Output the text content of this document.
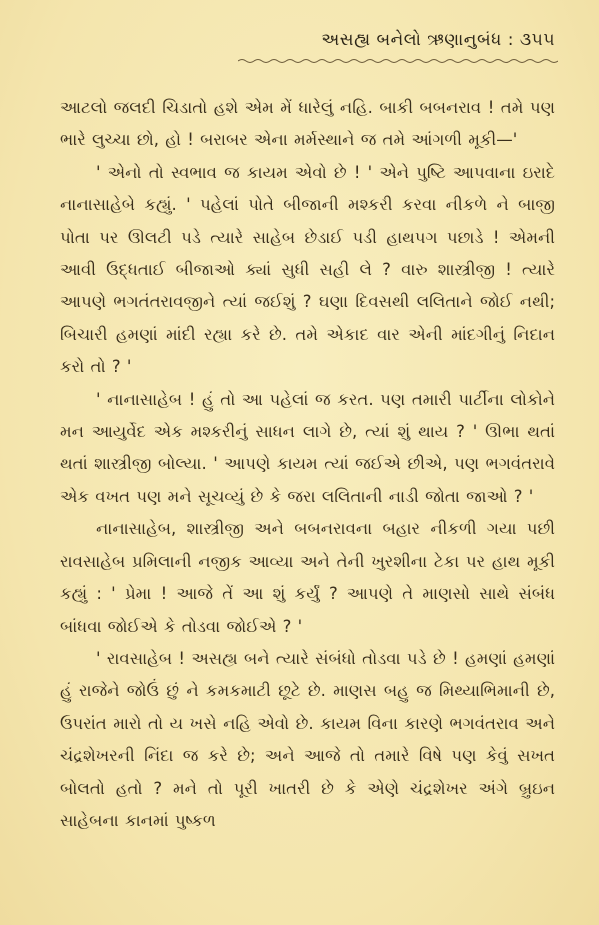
અસહ્ય બનેલો ઋણાનુબંધ : ૩૫૫

આટલો જલદી ચિડાતો હશે એમ મેં ધારેલું નહિ. બાકી બબનરાવ ! તમે પણ ભારે લુચ્ચા છો, હો ! બરાબર એના મર્મસ્થાને જ તમે આંગળી મૂકી—'

' એનો તો સ્વભાવ જ કાયમ એવો છે ! ' એને પુષ્ટિ આપવાના ઇરાદે નાનાસાહેબે કહ્યું. ' પહેલાં પોતે બીજાની મશ્કરી કરવા નીકળે ને બાજી પોતા પર ઊલટી પડે ત્યારે સાહેબ છેડાઈ પડી હાથપગ પછાડે ! એમની આવી ઉદ્ધતાઈ બીજાઓ ક્યાં સુધી સહી લે ? વારુ શાસ્ત્રીજી ! ત્યારે આપણે ભગતંતરાવજીને ત્યાં જઈશું ? ઘણા દિવસથી લલિતાને જોઈ નથી; બિચારી હમણાં માંદી રહ્યા કરે છે. તમે એકાદ વાર એની માંદગીનું નિદાન કરો તો ? '

' નાનાસાહેબ ! હું તો આ પહેલાં જ કરત. પણ તમારી પાર્ટીના લોકોને મન આયુર્વેદ એક મશ્કરીનું સાધન લાગે છે, ત્યાં શું થાય ? ' ઊભા થતાં થતાં શાસ્ત્રીજી બોલ્યા. ' આપણે કાયમ ત્યાં જઈએ છીએ, પણ ભગવંતરાવે એક વખત પણ મને સૂચવ્યું છે કે જરા લલિતાની નાડી જોતા જાઓ ? '

નાનાસાહેબ, શાસ્ત્રીજી અને બબનરાવના બહાર નીકળી ગયા પછી રાવસાહેબ પ્રમિલાની નજીક આવ્યા અને તેની ખુરશીના ટેકા પર હાથ મૂકી કહ્યું : ' પ્રેમા ! આજે તેં આ શું કર્યું ? આપણે તે માણસો સાથે સંબંધ બાંધવા જોઈએ કે તોડવા જોઈએ ? '

' રાવસાહેબ ! અસહ્ય બને ત્યારે સંબંધો તોડવા પડે છે ! હમણાં હમણાં હું રાજેને જોઉં છું ને કમકમાટી છૂટે છે. માણસ બહુ જ મિથ્યાભિમાની છે, ઉપરાંત મારો તો ય ખસે નહિ એવો છે. કાયમ વિના કારણે ભગવંતરાવ અને ચંદ્રશેખરની નિંદા જ કરે છે; અને આજે તો તમારે વિષે પણ કેવું સખત બોલતો હતો ? મને તો પૂરી ખાતરી છે કે એણે ચંદ્રશેખર અંગે બ્રુઇન સાહેબના કાનમાં પુષ્કળ
